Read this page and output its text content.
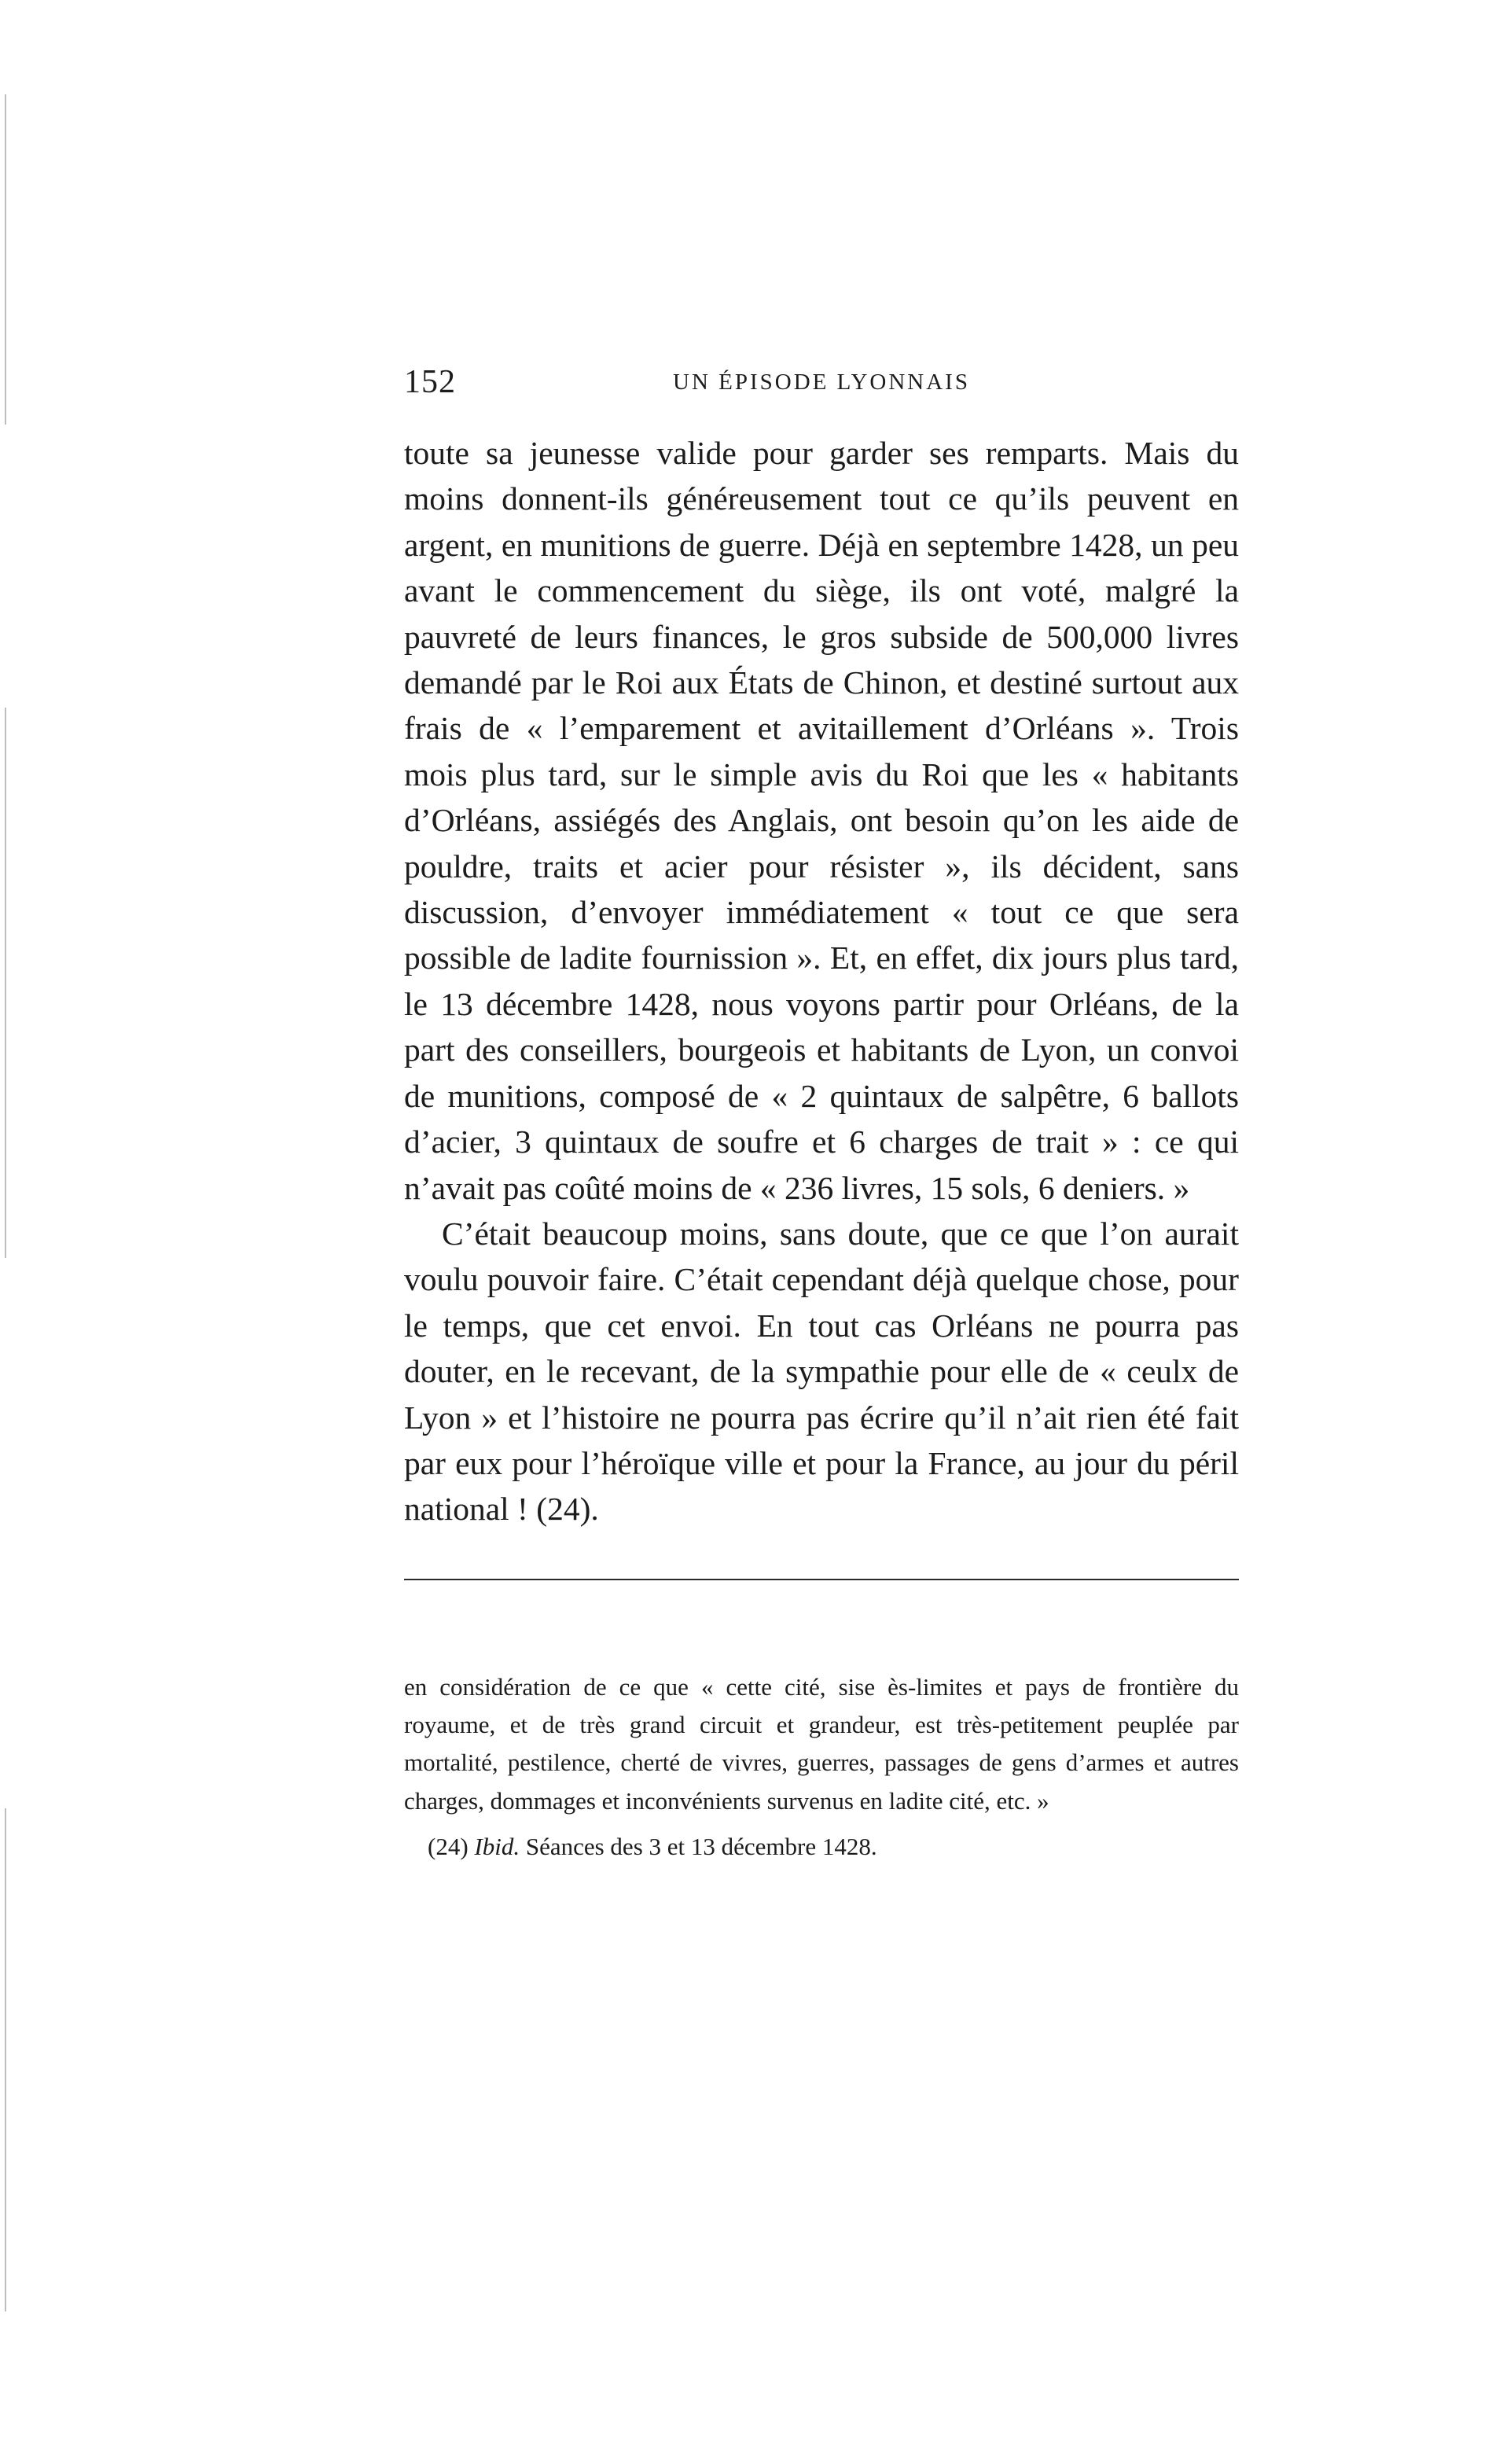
152	UN ÉPISODE LYONNAIS

toute sa jeunesse valide pour garder ses remparts. Mais du moins donnent-ils généreusement tout ce qu’ils peuvent en argent, en munitions de guerre. Déjà en septembre 1428, un peu avant le commencement du siège, ils ont voté, malgré la pauvreté de leurs finances, le gros subside de 500,000 livres demandé par le Roi aux États de Chinon, et destiné surtout aux frais de « l’emparement et avitaillement d’Orléans ». Trois mois plus tard, sur le simple avis du Roi que les « habitants d’Orléans, assiégés des Anglais, ont besoin qu’on les aide de pouldre, traits et acier pour résister », ils décident, sans discussion, d’envoyer immédiatement « tout ce que sera possible de ladite fournission ». Et, en effet, dix jours plus tard, le 13 décembre 1428, nous voyons partir pour Orléans, de la part des conseillers, bourgeois et habitants de Lyon, un convoi de munitions, composé de « 2 quintaux de salpêtre, 6 ballots d’acier, 3 quintaux de soufre et 6 charges de trait » : ce qui n’avait pas coûté moins de « 236 livres, 15 sols, 6 deniers. »

C’était beaucoup moins, sans doute, que ce que l’on aurait voulu pouvoir faire. C’était cependant déjà quelque chose, pour le temps, que cet envoi. En tout cas Orléans ne pourra pas douter, en le recevant, de la sympathie pour elle de « ceulx de Lyon » et l’histoire ne pourra pas écrire qu’il n’ait rien été fait par eux pour l’héroïque ville et pour la France, au jour du péril national ! (24).

en considération de ce que « cette cité, sise ès-limites et pays de frontière du royaume, et de très grand circuit et grandeur, est très-petitement peuplée par mortalité, pestilence, cherté de vivres, guerres, passages de gens d’armes et autres charges, dommages et inconvénients survenus en ladite cité, etc. »

(24) Ibid. Séances des 3 et 13 décembre 1428.
